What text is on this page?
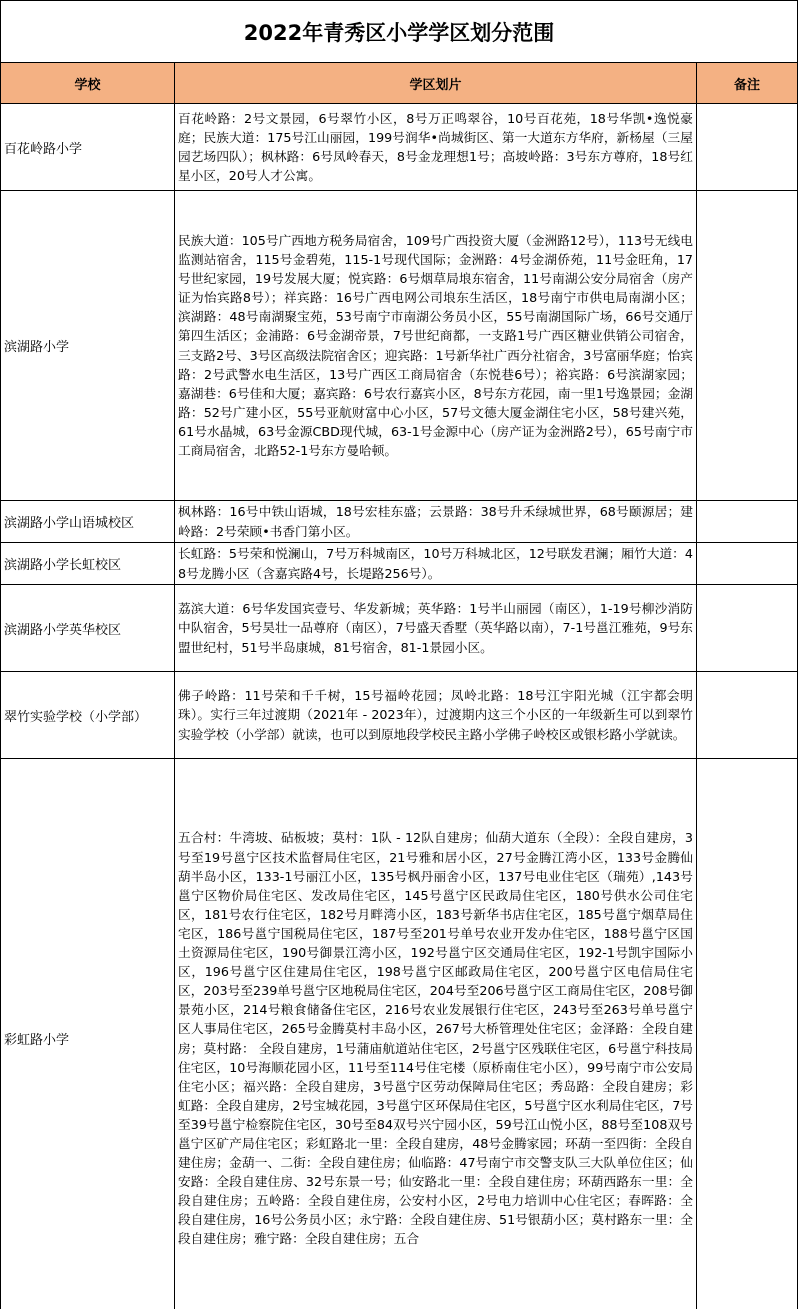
2022年青秀区小学学区划分范围		
学校	学区划片	备注
百花岭路小学	百花岭路：2号文景园，6号翠竹小区，8号万正鸣翠谷，10号百花苑，18号华凯•逸悦豪庭；民族大道：175号江山丽园，199号润华•尚城街区、第一大道东方华府，新杨屋（三屋园艺场四队）；枫林路：6号凤岭春天，8号金龙理想1号；高坡岭路：3号东方尊府，18号红星小区，20号人才公寓。	
滨湖路小学	民族大道：105号广西地方税务局宿舍，109号广西投资大厦（金洲路12号），113号无线电监测站宿舍，115号金碧苑，115-1号现代国际；金洲路：4号金湖侨苑，11号金旺角，17号世纪家园，19号发展大厦；悦宾路：6号烟草局埌东宿舍，11号南湖公安分局宿舍（房产证为怡宾路8号）；祥宾路：16号广西电网公司埌东生活区，18号南宁市供电局南湖小区；滨湖路：48号南湖聚宝苑，53号南宁市南湖公务员小区，55号南湖国际广场，66号交通厅第四生活区；金浦路：6号金湖帝景，7号世纪商都，一支路1号广西区糖业供销公司宿舍，三支路2号、3号区高级法院宿舍区；迎宾路：1号新华社广西分社宿舍，3号富丽华庭；怡宾路：2号武警水电生活区，13号广西区工商局宿舍（东悦巷6号）；裕宾路：6号滨湖家园；嘉湖巷：6号佳和大厦；嘉宾路：6号农行嘉宾小区，8号东方花园，南一里1号逸景园；金湖路：52号广建小区，55号亚航财富中心小区，57号文德大厦金湖住宅小区，58号建兴苑，61号水晶城，63号金源CBD现代城，63-1号金源中心（房产证为金洲路2号），65号南宁市工商局宿舍，北路52-1号东方曼哈顿。	
滨湖路小学山语城校区	枫林路：16号中铁山语城，18号宏桂东盛；云景路：38号升禾绿城世界，68号颐源居；建岭路：2号荣顾•书香门第小区。	
滨湖路小学长虹校区	长虹路：5号荣和悦澜山，7号万科城南区，10号万科城北区，12号联发君澜；厢竹大道：48号龙腾小区（含嘉宾路4号，长堤路256号）。	
滨湖路小学英华校区	荔滨大道：6号华发国宾壹号、华发新城；英华路：1号半山丽园（南区），1-19号柳沙消防中队宿舍，5号昊壮一品尊府（南区），7号盛天香墅（英华路以南），7-1号邕江雅苑，9号东盟世纪村，51号半岛康城，81号宿舍，81-1景园小区。	
翠竹实验学校（小学部）	佛子岭路：11号荣和千千树，15号福岭花园；凤岭北路：18号江宇阳光城（江宇都会明珠）。实行三年过渡期（2021年 - 2023年），过渡期内这三个小区的一年级新生可以到翠竹实验学校（小学部）就读，也可以到原地段学校民主路小学佛子岭校区或银杉路小学就读。	
彩虹路小学	五合村：牛湾坡、砧板坡；莫村：1队 - 12队自建房；仙葫大道东（全段）：全段自建房，3号至19号邕宁区技术监督局住宅区，21号雅和居小区，27号金腾江湾小区，133号金腾仙葫半岛小区，133-1号丽江小区，135号枫丹丽舍小区，137号电业住宅区（瑞苑）,143号邕宁区物价局住宅区、发改局住宅区，145号邕宁区民政局住宅区，180号供水公司住宅区，181号农行住宅区，182号月畔湾小区，183号新华书店住宅区，185号邕宁烟草局住宅区，186号邕宁国税局住宅区，187号至201号单号农业开发办住宅区，188号邕宁区国土资源局住宅区，190号御景江湾小区，192号邕宁区交通局住宅区，192-1号凯宇国际小区，196号邕宁区住建局住宅区，198号邕宁区邮政局住宅区，200号邕宁区电信局住宅区，203号至239单号邕宁区地税局住宅区，204号至206号邕宁区工商局住宅区，208号御景苑小区，214号粮食储备住宅区，216号农业发展银行住宅区，243号至263号单号邕宁区人事局住宅区，265号金腾莫村丰岛小区，267号大桥管理处住宅区；金泽路：全段自建房；莫村路： 全段自建房，1号蒲庙航道站住宅区，2号邕宁区残联住宅区，6号邕宁科技局住宅区，10号海顺花园小区，11号至114号住宅楼（原桥南住宅小区），99号南宁市公安局住宅小区；福兴路：全段自建房，3号邕宁区劳动保障局住宅区；秀岛路：全段自建房；彩虹路：全段自建房，2号宝城花园，3号邕宁区环保局住宅区，5号邕宁区水利局住宅区，7号至39号邕宁检察院住宅区，30号至84双号兴宁园小区，59号江山悦小区，88号至108双号邕宁区矿产局住宅区；彩虹路北一里：全段自建房，48号金腾家园；环葫一至四街：全段自建住房；金葫一、二街：全段自建住房；仙临路：47号南宁市交警支队三大队单位住区；仙安路：全段自建住房、32号东景一号；仙安路北一里：全段自建住房；环葫西路东一里：全段自建住房；五岭路：全段自建住房，公安村小区，2号电力培训中心住宅区；春晖路：全段自建住房，16号公务员小区；永宁路：全段自建住房、51号银葫小区；莫村路东一里：全段自建住房；雅宁路：全段自建住房；五合	
